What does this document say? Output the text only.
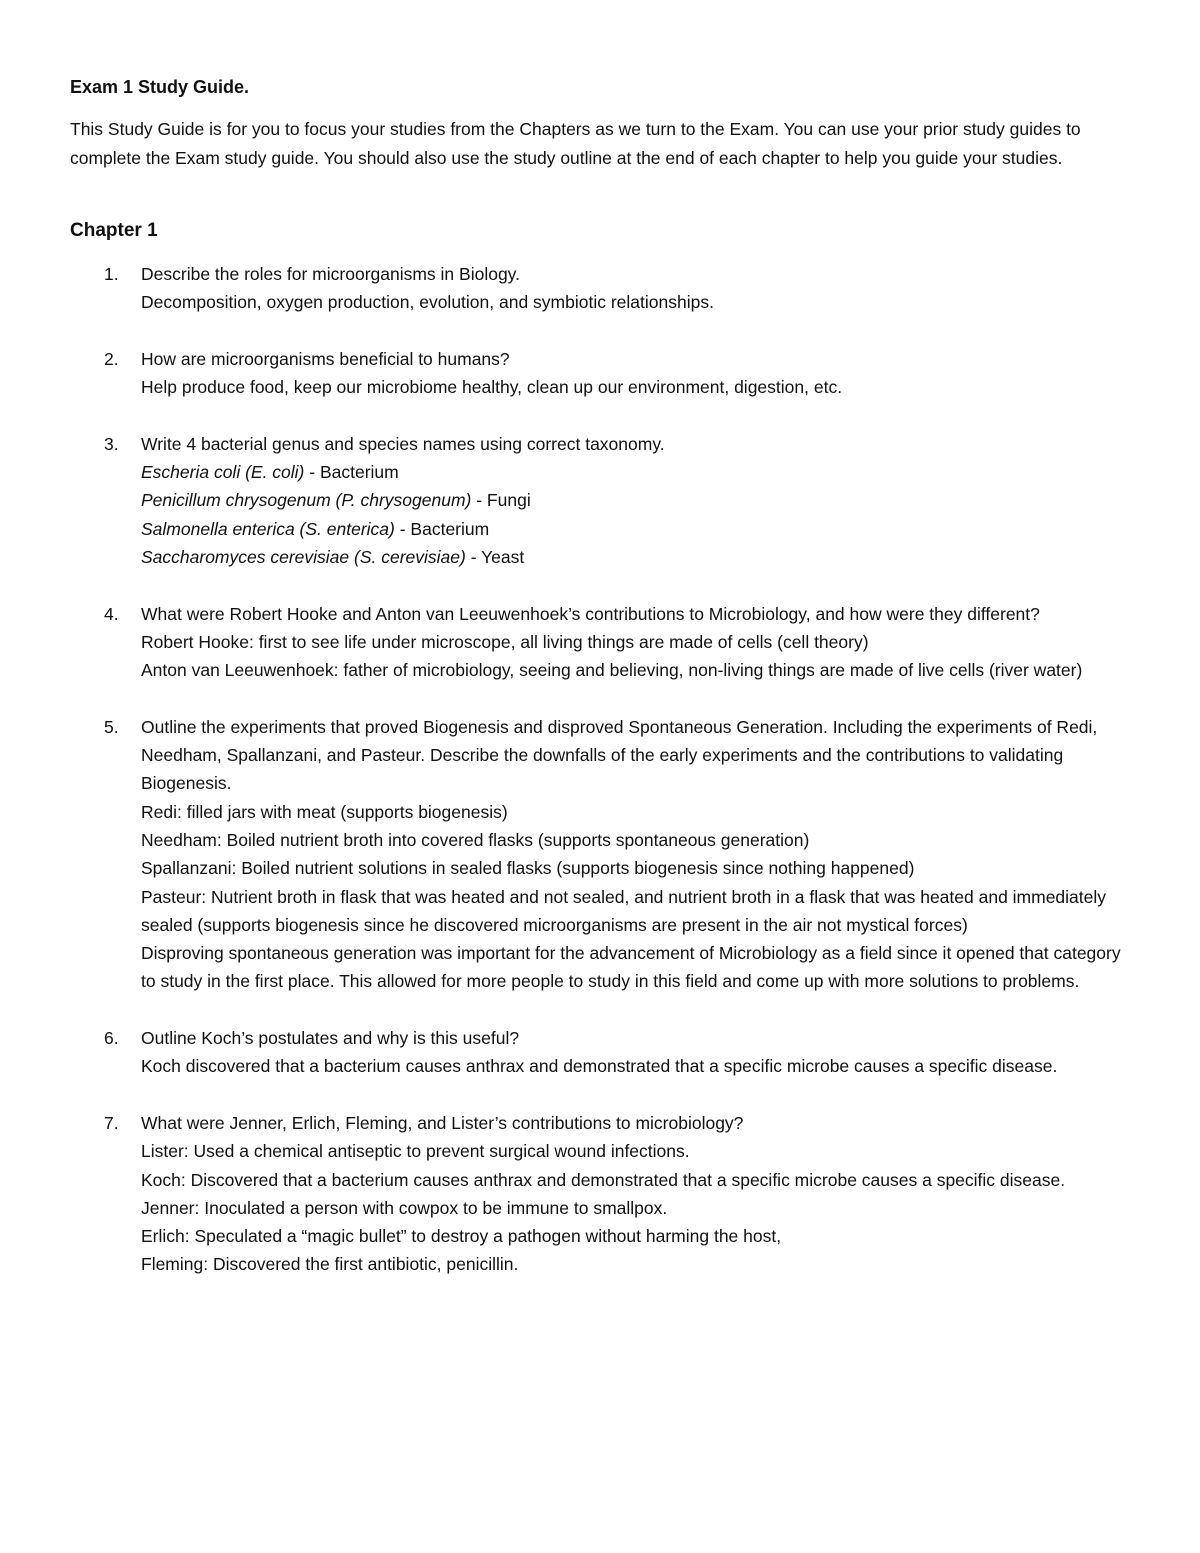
Exam 1 Study Guide.

This Study Guide is for you to focus your studies from the Chapters as we turn to the Exam. You can use your prior study guides to complete the Exam study guide. You should also use the study outline at the end of each chapter to help you guide your studies.

Chapter 1
1.	Describe the roles for microorganisms in Biology.
Decomposition, oxygen production, evolution, and symbiotic relationships.
2.	How are microorganisms beneficial to humans?
Help produce food, keep our microbiome healthy, clean up our environment, digestion, etc.
3.	Write 4 bacterial genus and species names using correct taxonomy.
Escheria coli (E. coli) - Bacterium
Penicillum chrysogenum (P. chrysogenum) - Fungi
Salmonella enterica (S. enterica) - Bacterium
Saccharomyces cerevisiae (S. cerevisiae) - Yeast
4.	What were Robert Hooke and Anton van Leeuwenhoek’s contributions to Microbiology, and how were they different?
Robert Hooke: first to see life under microscope, all living things are made of cells (cell theory)
Anton van Leeuwenhoek: father of microbiology, seeing and believing, non-living things are made of live cells (river water)
5.	Outline the experiments that proved Biogenesis and disproved Spontaneous Generation. Including the experiments of Redi, Needham, Spallanzani, and Pasteur. Describe the downfalls of the early experiments and the contributions to validating Biogenesis.
Redi: filled jars with meat (supports biogenesis)
Needham: Boiled nutrient broth into covered flasks (supports spontaneous generation)
Spallanzani: Boiled nutrient solutions in sealed flasks (supports biogenesis since nothing happened)
Pasteur: Nutrient broth in flask that was heated and not sealed, and nutrient broth in a flask that was heated and immediately sealed (supports biogenesis since he discovered microorganisms are present in the air not mystical forces)
Disproving spontaneous generation was important for the advancement of Microbiology as a field since it opened that category to study in the first place. This allowed for more people to study in this field and come up with more solutions to problems.
6.	Outline Koch’s postulates and why is this useful?
Koch discovered that a bacterium causes anthrax and demonstrated that a specific microbe causes a specific disease.
7.	What were Jenner, Erlich, Fleming, and Lister’s contributions to microbiology?
Lister: Used a chemical antiseptic to prevent surgical wound infections.
Koch: Discovered that a bacterium causes anthrax and demonstrated that a specific microbe causes a specific disease.
Jenner: Inoculated a person with cowpox to be immune to smallpox.
Erlich: Speculated a “magic bullet” to destroy a pathogen without harming the host,
Fleming: Discovered the first antibiotic, penicillin.
